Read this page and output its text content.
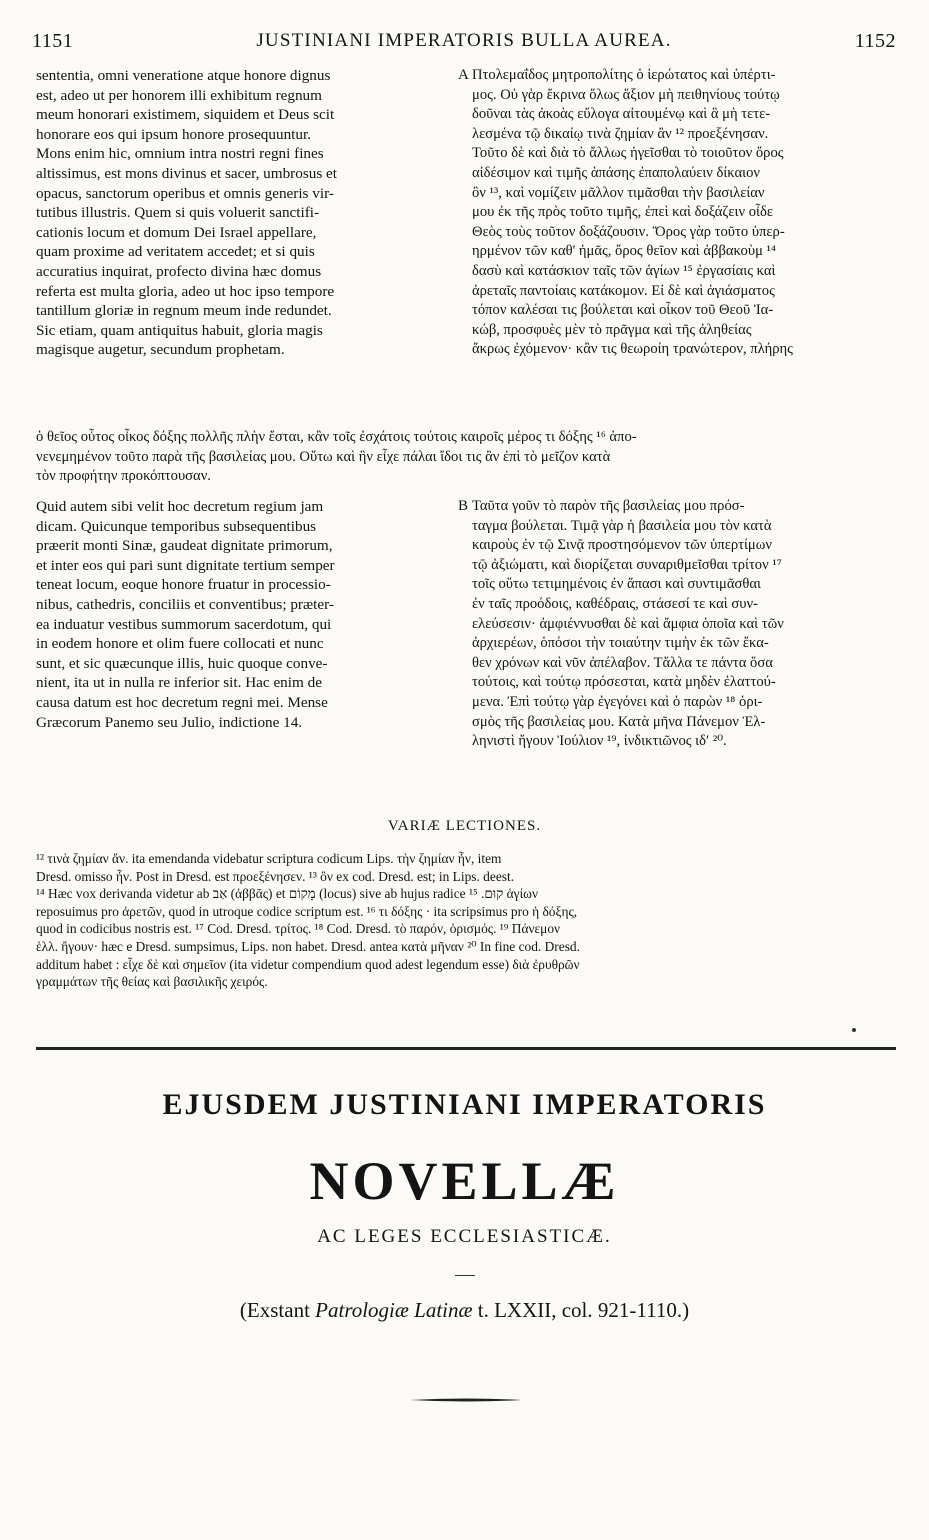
1151	JUSTINIANI IMPERATORIS BULLA AUREA.	1152
sententia, omni veneratione atque honore dignus
est, adeo ut per honorem illi exhibitum regnum
meum honorari existimem, siquidem et Deus scit
honorare eos qui ipsum honore prosequuntur.
Mons enim hic, omnium intra nostri regni fines
altissimus, est mons divinus et sacer, umbrosus et
opacus, sanctorum operibus et omnis generis vir-
tutibus illustris. Quem si quis voluerit sanctifi-
cationis locum et domum Dei Israel appellare,
quam proxime ad veritatem accedet; et si quis
accuratius inquirat, profecto divina hæc domus
referta est multa gloria, adeo ut hoc ipso tempore
tantillum gloriæ in regnum meum inde redundet.
Sic etiam, quam antiquitus habuit, gloria magis
magisque augetur, secundum prophetam.
A Πτολεμαΐδος μητροπολίτης ὁ ἱερώτατος καὶ ὑπέρτι-
μος. Οὐ γὰρ ἔκρινα ὅλως ἄξιον μὴ πειθηνίους τούτῳ
δοῦναι τὰς ἀκοὰς εὔλογα αἰτουμένῳ καὶ ἃ μὴ τετε-
λεσμένα τῷ δικαίῳ τινὰ ζημίαν ἂν ¹² προεξένησαν.
Τοῦτο δὲ καὶ διὰ τὸ ἄλλως ἡγεῖσθαι τὸ τοιοῦτον ὄρος
αἰδέσιμον καὶ τιμῆς ἁπάσης ἐπαπολαύειν δίκαιον
ὂν ¹³, καὶ νομίζειν μᾶλλον τιμᾶσθαι τὴν βασιλείαν
μου ἐκ τῆς πρὸς τοῦτο τιμῆς, ἐπεὶ καὶ δοξάζειν οἶδε
Θεὸς τοὺς τοῦτον δοξάζουσιν. Ὄρος γὰρ τοῦτο ὑπερ-
ηρμένον τῶν καθ' ἡμᾶς, ὄρος θεῖον καὶ ἀββακοὺμ ¹⁴
δασὺ καὶ κατάσκιον ταῖς τῶν ἁγίων ¹⁵ ἐργασίαις καὶ
ἀρεταῖς παντοίαις κατάκομον. Εἰ δὲ καὶ ἁγιάσματος
τόπον καλέσαι τις βούλεται καὶ οἶκον τοῦ Θεοῦ Ἰα-
κώβ, προσφυὲς μὲν τὸ πρᾶγμα καὶ τῆς ἀληθείας
ἄκρως ἐχόμενον· κἂν τις θεωροίη τρανώτερον, πλήρης
ὁ θεῖος οὗτος οἶκος δόξης πολλῆς πλὴν ἔσται, κἂν τοῖς ἐσχάτοις τούτοις καιροῖς μέρος τι δόξης ¹⁶ ἀπο-
νενεμημένον τοῦτο παρὰ τῆς βασιλείας μου. Οὕτω καὶ ἣν εἶχε πάλαι ἴδοι τις ἂν ἐπὶ τὸ μεῖζον κατὰ
τὸν προφήτην προκόπτουσαν.
Quid autem sibi velit hoc decretum regium jam
dicam. Quicunque temporibus subsequentibus
præerit monti Sinæ, gaudeat dignitate primorum,
et inter eos qui pari sunt dignitate tertium semper
teneat locum, eoque honore fruatur in processio-
nibus, cathedris, conciliis et conventibus; præter-
ea induatur vestibus summorum sacerdotum, qui
in eodem honore et olim fuere collocati et nunc
sunt, et sic quæcunque illis, huic quoque conve-
nient, ita ut in nulla re inferior sit. Hac enim de
causa datum est hoc decretum regni mei. Mense
Græcorum Panemo seu Julio, indictione 14.
B Ταῦτα γοῦν τὸ παρὸν τῆς βασιλείας μου πρόσ-
ταγμα βούλεται. Τιμᾷ γὰρ ἡ βασιλεία μου τὸν κατὰ
καιροὺς ἐν τῷ Σινᾷ προστησόμενον τῶν ὑπερτίμων
τῷ ἀξιώματι, καὶ διορίζεται συναριθμεῖσθαι τρίτον ¹⁷
τοῖς οὕτω τετιμημένοις ἐν ἅπασι καὶ συντιμᾶσθαι
ἐν ταῖς προόδοις, καθέδραις, στάσεσί τε καὶ συν-
ελεύσεσιν· ἀμφιέννυσθαι δὲ καὶ ἄμφια ὁποῖα καὶ τῶν
ἀρχιερέων, ὁπόσοι τὴν τοιαύτην τιμὴν ἐκ τῶν ἔκα-
θεν χρόνων καὶ νῦν ἀπέλαβον. Τἄλλα τε πάντα ὅσα
τούτοις, καὶ τούτῳ πρόσεσται, κατὰ μηδὲν ἐλαττού-
μενα. Ἐπὶ τούτῳ γὰρ ἐγεγόνει καὶ ὁ παρὼν ¹⁸ ὁρι-
σμὸς τῆς βασιλείας μου. Κατὰ μῆνα Πάνεμον Ἑλ-
ληνιστὶ ἤγουν Ἰούλιον ¹⁹, ἰνδικτιῶνος ιδʹ ²⁰.
VARIÆ LECTIONES.
¹² τινὰ ζημίαν ἄν. ita emendanda videbatur scriptura codicum Lips. τὴν ζημίαν ἦν, item
Dresd. omisso ἦν. Post in Dresd. est προεξένησεν. ¹³ ὂν ex cod. Dresd. est; in Lips. deest.
¹⁴ Hæc vox derivanda videtur ab אַב (ἀββᾶς) et מָקוֹם (locus) sive ab hujus radice קוּם. ¹⁵ ἁγίων
reposuimus pro ἀρετῶν, quod in utroque codice scriptum est. ¹⁶ τι δόξης · ita scripsimus pro ἡ δόξης,
quod in codicibus nostris est. ¹⁷ Cod. Dresd. τρίτος. ¹⁸ Cod. Dresd. τὸ παρόν, ὁρισμός. ¹⁹ Πάνεμον
ἑλλ. ἤγουν· hæc e Dresd. sumpsimus, Lips. non habet. Dresd. antea κατὰ μῆναν ²⁰ In fine cod. Dresd.
additum habet : εἶχε δὲ καὶ σημεῖον (ita videtur compendium quod adest legendum esse) διὰ ἐρυθρῶν
γραμμάτων τῆς θείας καὶ βασιλικῆς χειρός.
EJUSDEM JUSTINIANI IMPERATORIS
NOVELLÆ
AC LEGES ECCLESIASTICÆ.
(Exstant Patrologiæ Latinæ t. LXXII, col. 921-1110.)
